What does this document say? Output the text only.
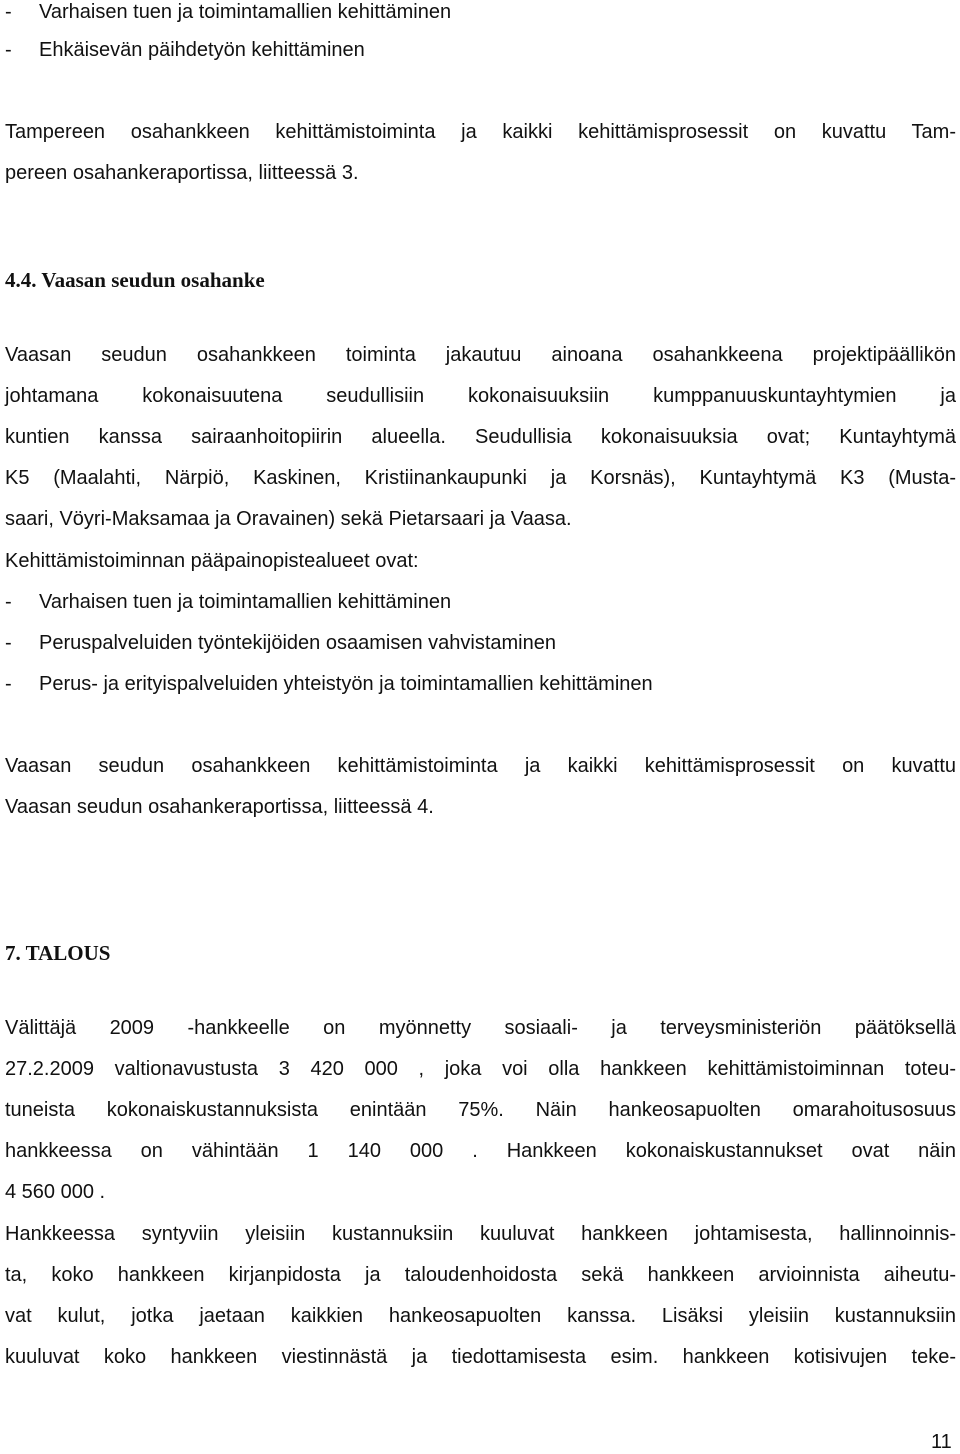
- Varhaisen tuen ja toimintamallien kehittäminen
- Ehkäisevän päihdetyön kehittäminen
Tampereen osahankkeen kehittämistoiminta ja kaikki kehittämisprosessit on kuvattu Tam-
pereen osahankeraportissa, liitteessä 3.
4.4. Vaasan seudun osahanke
Vaasan seudun osahankkeen toiminta jakautuu ainoana osahankkeena projektipäällikön
johtamana kokonaisuutena seudullisiin kokonaisuuksiin kumppanuuskuntayhtymien ja
kuntien kanssa sairaanhoitopiirin alueella. Seudullisia kokonaisuuksia ovat; Kuntayhtymä
K5 (Maalahti, Närpiö, Kaskinen, Kristiinankaupunki ja Korsnäs), Kuntayhtymä K3 (Musta-
saari, Vöyri-Maksamaa ja Oravainen) sekä Pietarsaari ja Vaasa.
Kehittämistoiminnan pääpainopistealueet ovat:
- Varhaisen tuen ja toimintamallien kehittäminen
- Peruspalveluiden työntekijöiden osaamisen vahvistaminen
- Perus- ja erityispalveluiden yhteistyön ja toimintamallien kehittäminen
Vaasan seudun osahankkeen kehittämistoiminta ja kaikki kehittämisprosessit on kuvattu
Vaasan seudun osahankeraportissa, liitteessä 4.
7. TALOUS
Välittäjä 2009 -hankkeelle on myönnetty sosiaali- ja terveysministeriön päätöksellä
27.2.2009 valtionavustusta 3 420 000 , joka voi olla hankkeen kehittämistoiminnan toteu-
tuneista kokonaiskustannuksista enintään 75%. Näin hankeosapuolten omarahoitusosuus
hankkeessa on vähintään 1 140 000 . Hankkeen kokonaiskustannukset ovat näin
4 560 000 .
Hankkeessa syntyviin yleisiin kustannuksiin kuuluvat hankkeen johtamisesta, hallinnoinnis-
ta, koko hankkeen kirjanpidosta ja taloudenhoidosta sekä hankkeen arvioinnista aiheutu-
vat kulut, jotka jaetaan kaikkien hankeosapuolten kanssa. Lisäksi yleisiin kustannuksiin
kuuluvat koko hankkeen viestinnästä ja tiedottamisesta esim. hankkeen kotisivujen teke-
11
